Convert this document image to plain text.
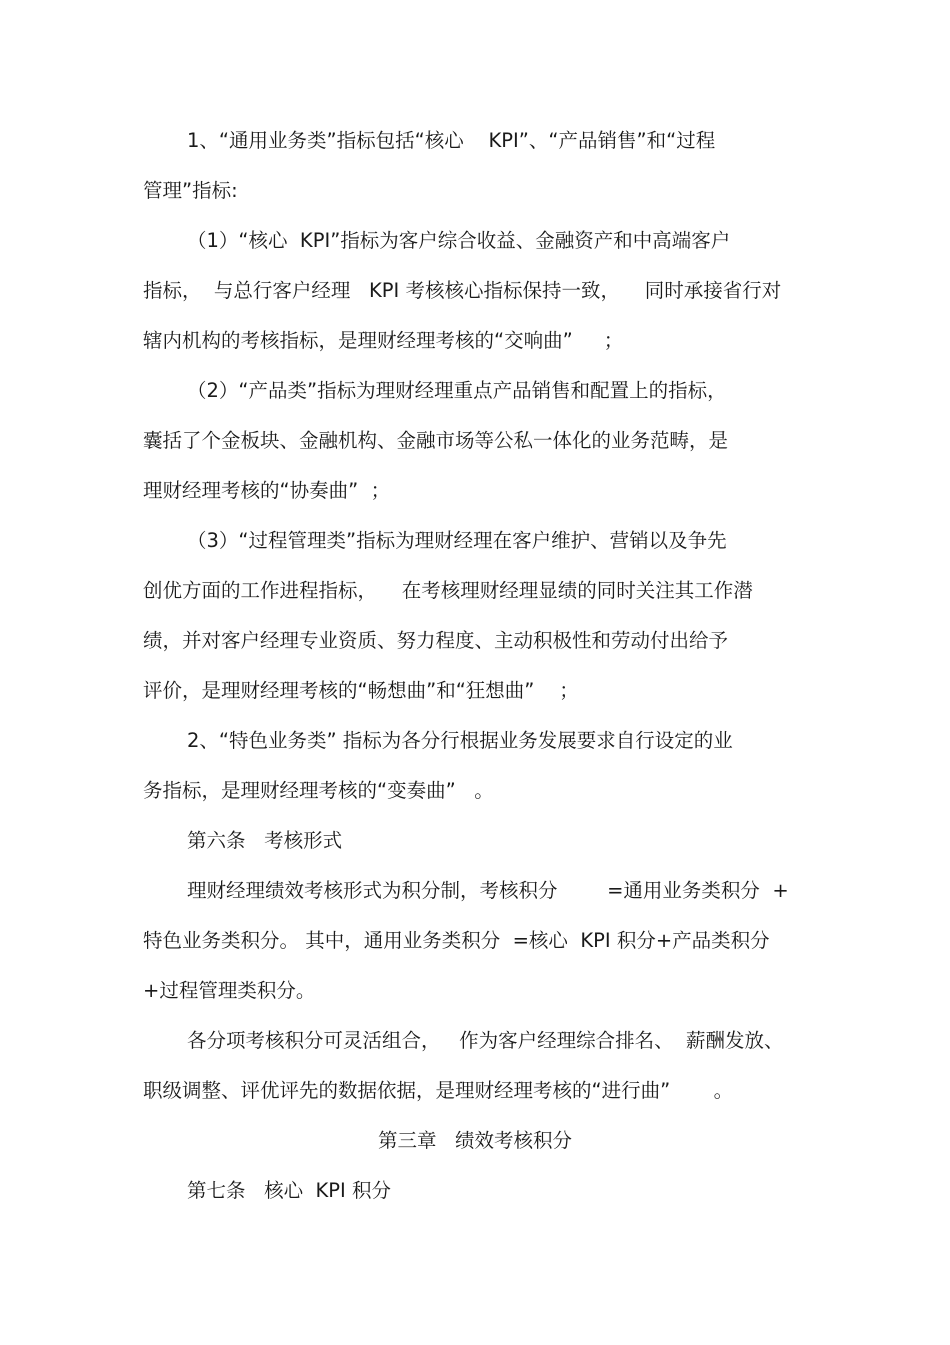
1、“通用业务类”指标包括“核心    KPI”、“产品销售”和“过程
管理”指标:
（1）“核心  KPI”指标为客户综合收益、金融资产和中高端客户
指标，  与总行客户经理   KPI 考核核心指标保持一致，    同时承接省行对
辖内机构的考核指标，是理财经理考核的“交响曲”     ；
（2）“产品类”指标为理财经理重点产品销售和配置上的指标，
囊括了个金板块、金融机构、金融市场等公私一体化的业务范畴，是
理财经理考核的“协奏曲”  ；
（3）“过程管理类”指标为理财经理在客户维护、营销以及争先
创优方面的工作进程指标，    在考核理财经理显绩的同时关注其工作潜
绩，并对客户经理专业资质、努力程度、主动积极性和劳动付出给予
评价，是理财经理考核的“畅想曲”和“狂想曲”    ；
2、“特色业务类” 指标为各分行根据业务发展要求自行设定的业
务指标，是理财经理考核的“变奏曲”   。
第六条   考核形式
理财经理绩效考核形式为积分制，考核积分        =通用业务类积分  +
特色业务类积分。 其中，通用业务类积分  =核心  KPI 积分+产品类积分
+过程管理类积分。
各分项考核积分可灵活组合，   作为客户经理综合排名、  薪酬发放、
职级调整、评优评先的数据依据，是理财经理考核的“进行曲”       。
第三章   绩效考核积分
第七条   核心  KPI 积分
